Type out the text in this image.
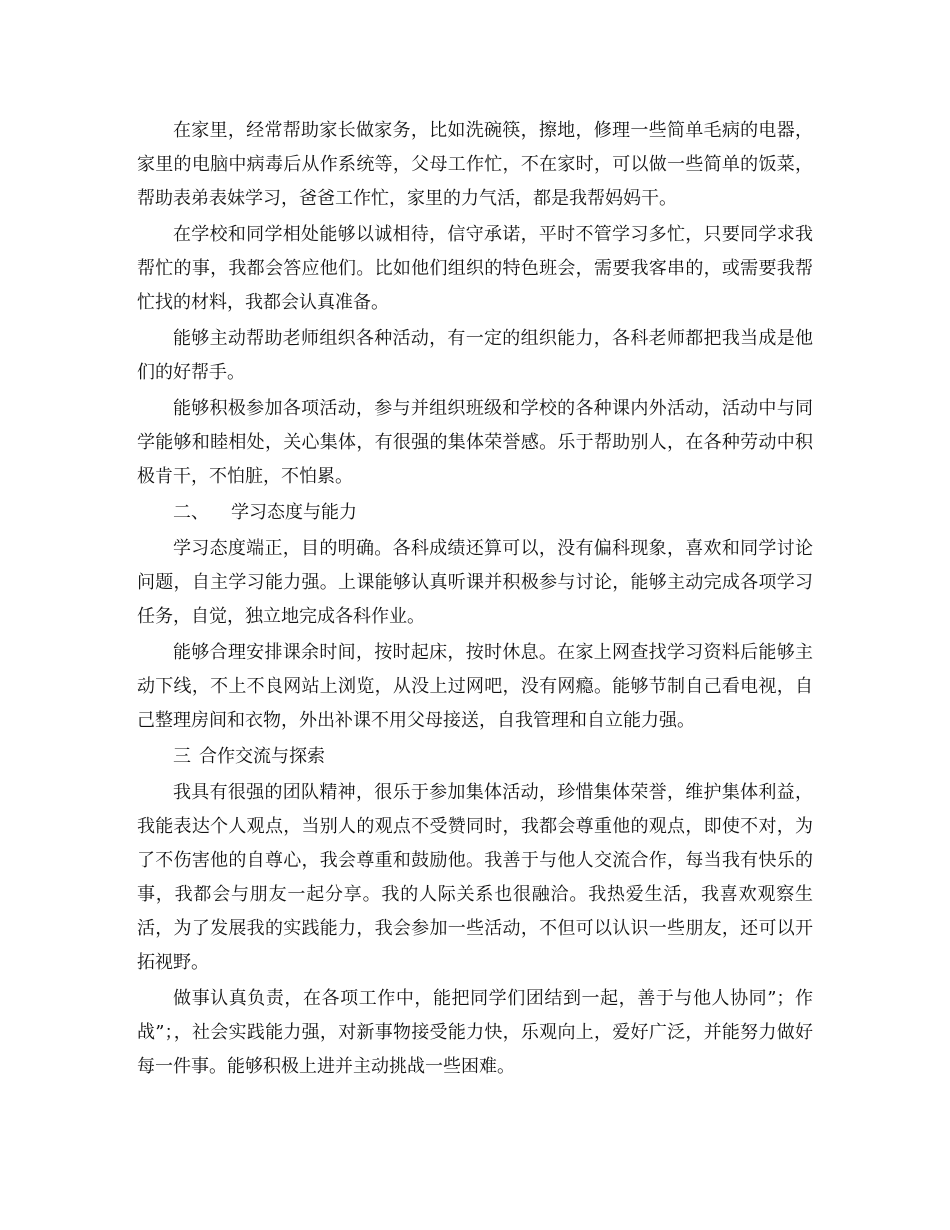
在家里，经常帮助家长做家务，比如洗碗筷，擦地，修理一些简单毛病的电器，家里的电脑中病毒后从作系统等，父母工作忙，不在家时，可以做一些简单的饭菜，帮助表弟表妹学习，爸爸工作忙，家里的力气活，都是我帮妈妈干。

在学校和同学相处能够以诚相待，信守承诺，平时不管学习多忙，只要同学求我帮忙的事，我都会答应他们。比如他们组织的特色班会，需要我客串的，或需要我帮忙找的材料，我都会认真准备。

能够主动帮助老师组织各种活动，有一定的组织能力，各科老师都把我当成是他们的好帮手。

能够积极参加各项活动，参与并组织班级和学校的各种课内外活动，活动中与同学能够和睦相处，关心集体，有很强的集体荣誉感。乐于帮助别人，在各种劳动中积极肯干，不怕脏，不怕累。

二、 学习态度与能力

学习态度端正，目的明确。各科成绩还算可以，没有偏科现象，喜欢和同学讨论问题，自主学习能力强。上课能够认真听课并积极参与讨论，能够主动完成各项学习任务，自觉，独立地完成各科作业。

能够合理安排课余时间，按时起床，按时休息。在家上网查找学习资料后能够主动下线，不上不良网站上浏览，从没上过网吧，没有网瘾。能够节制自己看电视，自己整理房间和衣物，外出补课不用父母接送，自我管理和自立能力强。

三 合作交流与探索

我具有很强的团队精神，很乐于参加集体活动，珍惜集体荣誉，维护集体利益，我能表达个人观点，当别人的观点不受赞同时，我都会尊重他的观点，即使不对，为了不伤害他的自尊心，我会尊重和鼓励他。我善于与他人交流合作，每当我有快乐的事，我都会与朋友一起分享。我的人际关系也很融洽。我热爱生活，我喜欢观察生活，为了发展我的实践能力，我会参加一些活动，不但可以认识一些朋友，还可以开拓视野。

做事认真负责，在各项工作中，能把同学们团结到一起，善于与他人协同”；作战”；，社会实践能力强，对新事物接受能力快，乐观向上，爱好广泛，并能努力做好每一件事。能够积极上进并主动挑战一些困难。
